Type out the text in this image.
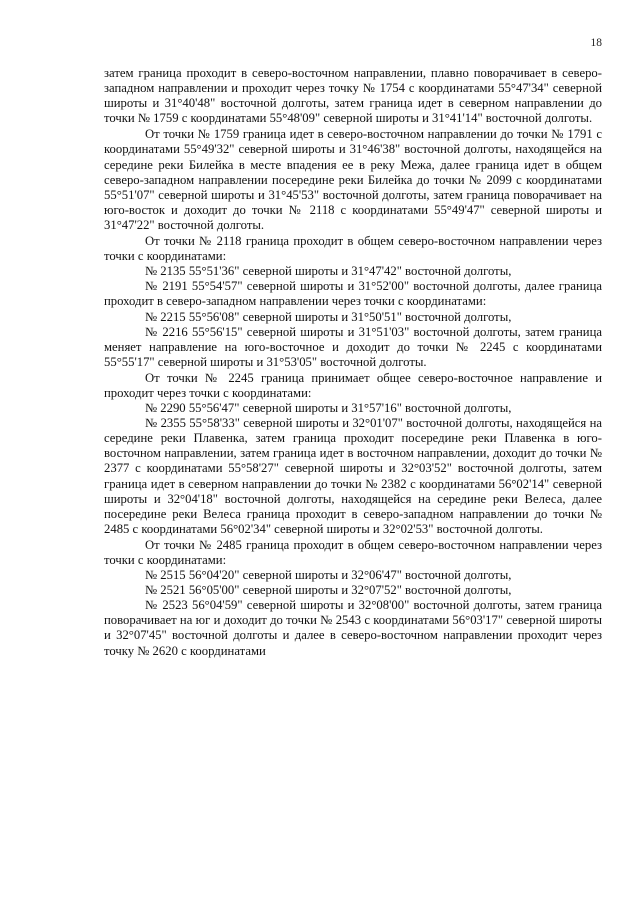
18

затем граница проходит в северо-восточном направлении, плавно поворачивает в северо-западном направлении и проходит через точку № 1754 с координатами 55°47'34" северной широты и 31°40'48" восточной долготы, затем граница идет в северном направлении до точки № 1759 с координатами 55°48'09" северной широты и 31°41'14" восточной долготы.

От точки № 1759 граница идет в северо-восточном направлении до точки № 1791 с координатами 55°49'32" северной широты и 31°46'38" восточной долготы, находящейся на середине реки Билейка в месте впадения ее в реку Межа, далее граница идет в общем северо-западном направлении посередине реки Билейка до точки № 2099 с координатами 55°51'07" северной широты и 31°45'53" восточной долготы, затем граница поворачивает на юго-восток и доходит до точки № 2118 с координатами 55°49'47" северной широты и 31°47'22" восточной долготы.

От точки № 2118 граница проходит в общем северо-восточном направлении через точки с координатами:

№ 2135 55°51'36" северной широты и 31°47'42" восточной долготы,

№ 2191 55°54'57" северной широты и 31°52'00" восточной долготы, далее граница проходит в северо-западном направлении через точки с координатами:

№ 2215 55°56'08" северной широты и 31°50'51" восточной долготы,

№ 2216 55°56'15" северной широты и 31°51'03" восточной долготы, затем граница меняет направление на юго-восточное и доходит до точки № 2245 с координатами 55°55'17" северной широты и 31°53'05" восточной долготы.

От точки № 2245 граница принимает общее северо-восточное направление и проходит через точки с координатами:

№ 2290 55°56'47" северной широты и 31°57'16" восточной долготы,

№ 2355 55°58'33" северной широты и 32°01'07" восточной долготы, находящейся на середине реки Плавенка, затем граница проходит посередине реки Плавенка в юго-восточном направлении, затем граница идет в восточном направлении, доходит до точки № 2377 с координатами 55°58'27" северной широты и 32°03'52" восточной долготы, затем граница идет в северном направлении до точки № 2382 с координатами 56°02'14" северной широты и 32°04'18" восточной долготы, находящейся на середине реки Велеса, далее посередине реки Велеса граница проходит в северо-западном направлении до точки № 2485 с координатами 56°02'34" северной широты и 32°02'53" восточной долготы.

От точки № 2485 граница проходит в общем северо-восточном направлении через точки с координатами:

№ 2515 56°04'20" северной широты и 32°06'47" восточной долготы,

№ 2521 56°05'00" северной широты и 32°07'52" восточной долготы,

№ 2523 56°04'59" северной широты и 32°08'00" восточной долготы, затем граница поворачивает на юг и доходит до точки № 2543 с координатами 56°03'17" северной широты и 32°07'45" восточной долготы и далее в северо-восточном направлении проходит через точку № 2620 с координатами
